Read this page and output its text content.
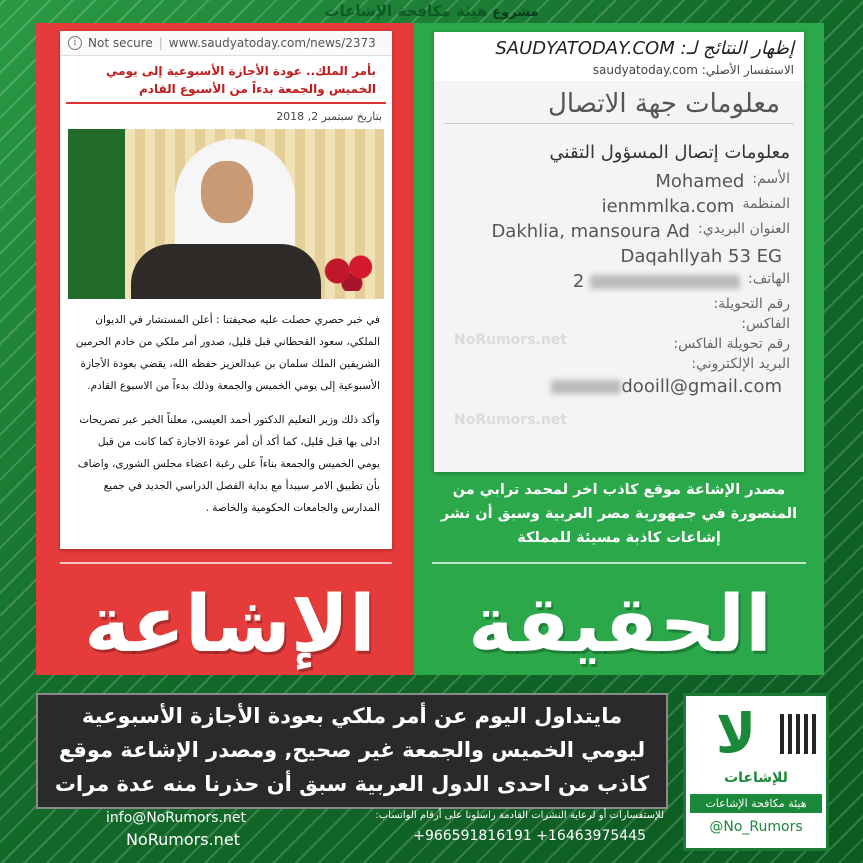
مشروع هيئة مكافحة الإشاعات
i Not secure | www.saudyatoday.com/news/2373
بأمر الملك.. عودة الأجازة الأسبوعية إلى يومي الخميس والجمعة بدءاً من الأسبوع القادم
بتاريخ سبتمبر 2, 2018

في خبر حصري حصلت عليه صحيفتنا : أعلن المستشار في الديوان الملكي، سعود القحطاني قبل قليل، صدور أمر ملكي من خادم الحرمين الشريفين الملك سلمان بن عبدالعزيز حفظه الله، يقضي بعودة الأجازة الأسبوعية إلى يومي الخميس والجمعة وذلك بدءاً من الاسبوع القادم.

وأكد ذلك وزير التعليم الدكتور أحمد العيسى، معلناً الخبر عبر تصريحات ادلى بها قبل قليل، كما أكد أن أمر عودة الاجازة كما كانت من قبل يومي الخميس والجمعة بناءاً على رغبة اعضاء مجلس الشورى، واضاف بأن تطبيق الامر سيبدأ مع بداية الفصل الدراسي الجديد في جميع المدارس والجامعات الحكومية والخاصة .

إظهار النتائج لـ: SAUDYATODAY.COM
الاستفسار الأصلي: saudyatoday.com
معلومات جهة الاتصال
معلومات إتصال المسؤول التقني
الأسم:
Mohamed
المنظمة
ienmmlka.com
العنوان البريدي:
Dakhlia, mansoura Ad
Daqahllyah 53 EG
الهاتف:
2
رقم التحويلة:
الفاكس:
رقم تحويلة الفاكس:
البريد الإلكتروني:
dooill@gmail.com
NoRumors.net
NoRumors.net
مصدر الإشاعة موقع كاذب اخر لمحمد ترابي من المنصورة في جمهورية مصر العربية وسبق أن نشر إشاعات كاذبة مسيئة للمملكة
الإشاعة	الحقيقة
مايتداول اليوم عن أمر ملكي بعودة الأجازة الأسبوعية ليومي الخميس والجمعة غير صحيح, ومصدر الإشاعة موقع كاذب من احدى الدول العربية سبق أن حذرنا منه عدة مرات
info@NoRumors.net
NoRumors.net
للإستفسارات أو لرعاية النشرات القادمة راسلونا على أرقام الواتساب:
+966591816191 +16463975445
لا
للإشاعات
هيئة مكافحة الإشاعات
@No_Rumors
